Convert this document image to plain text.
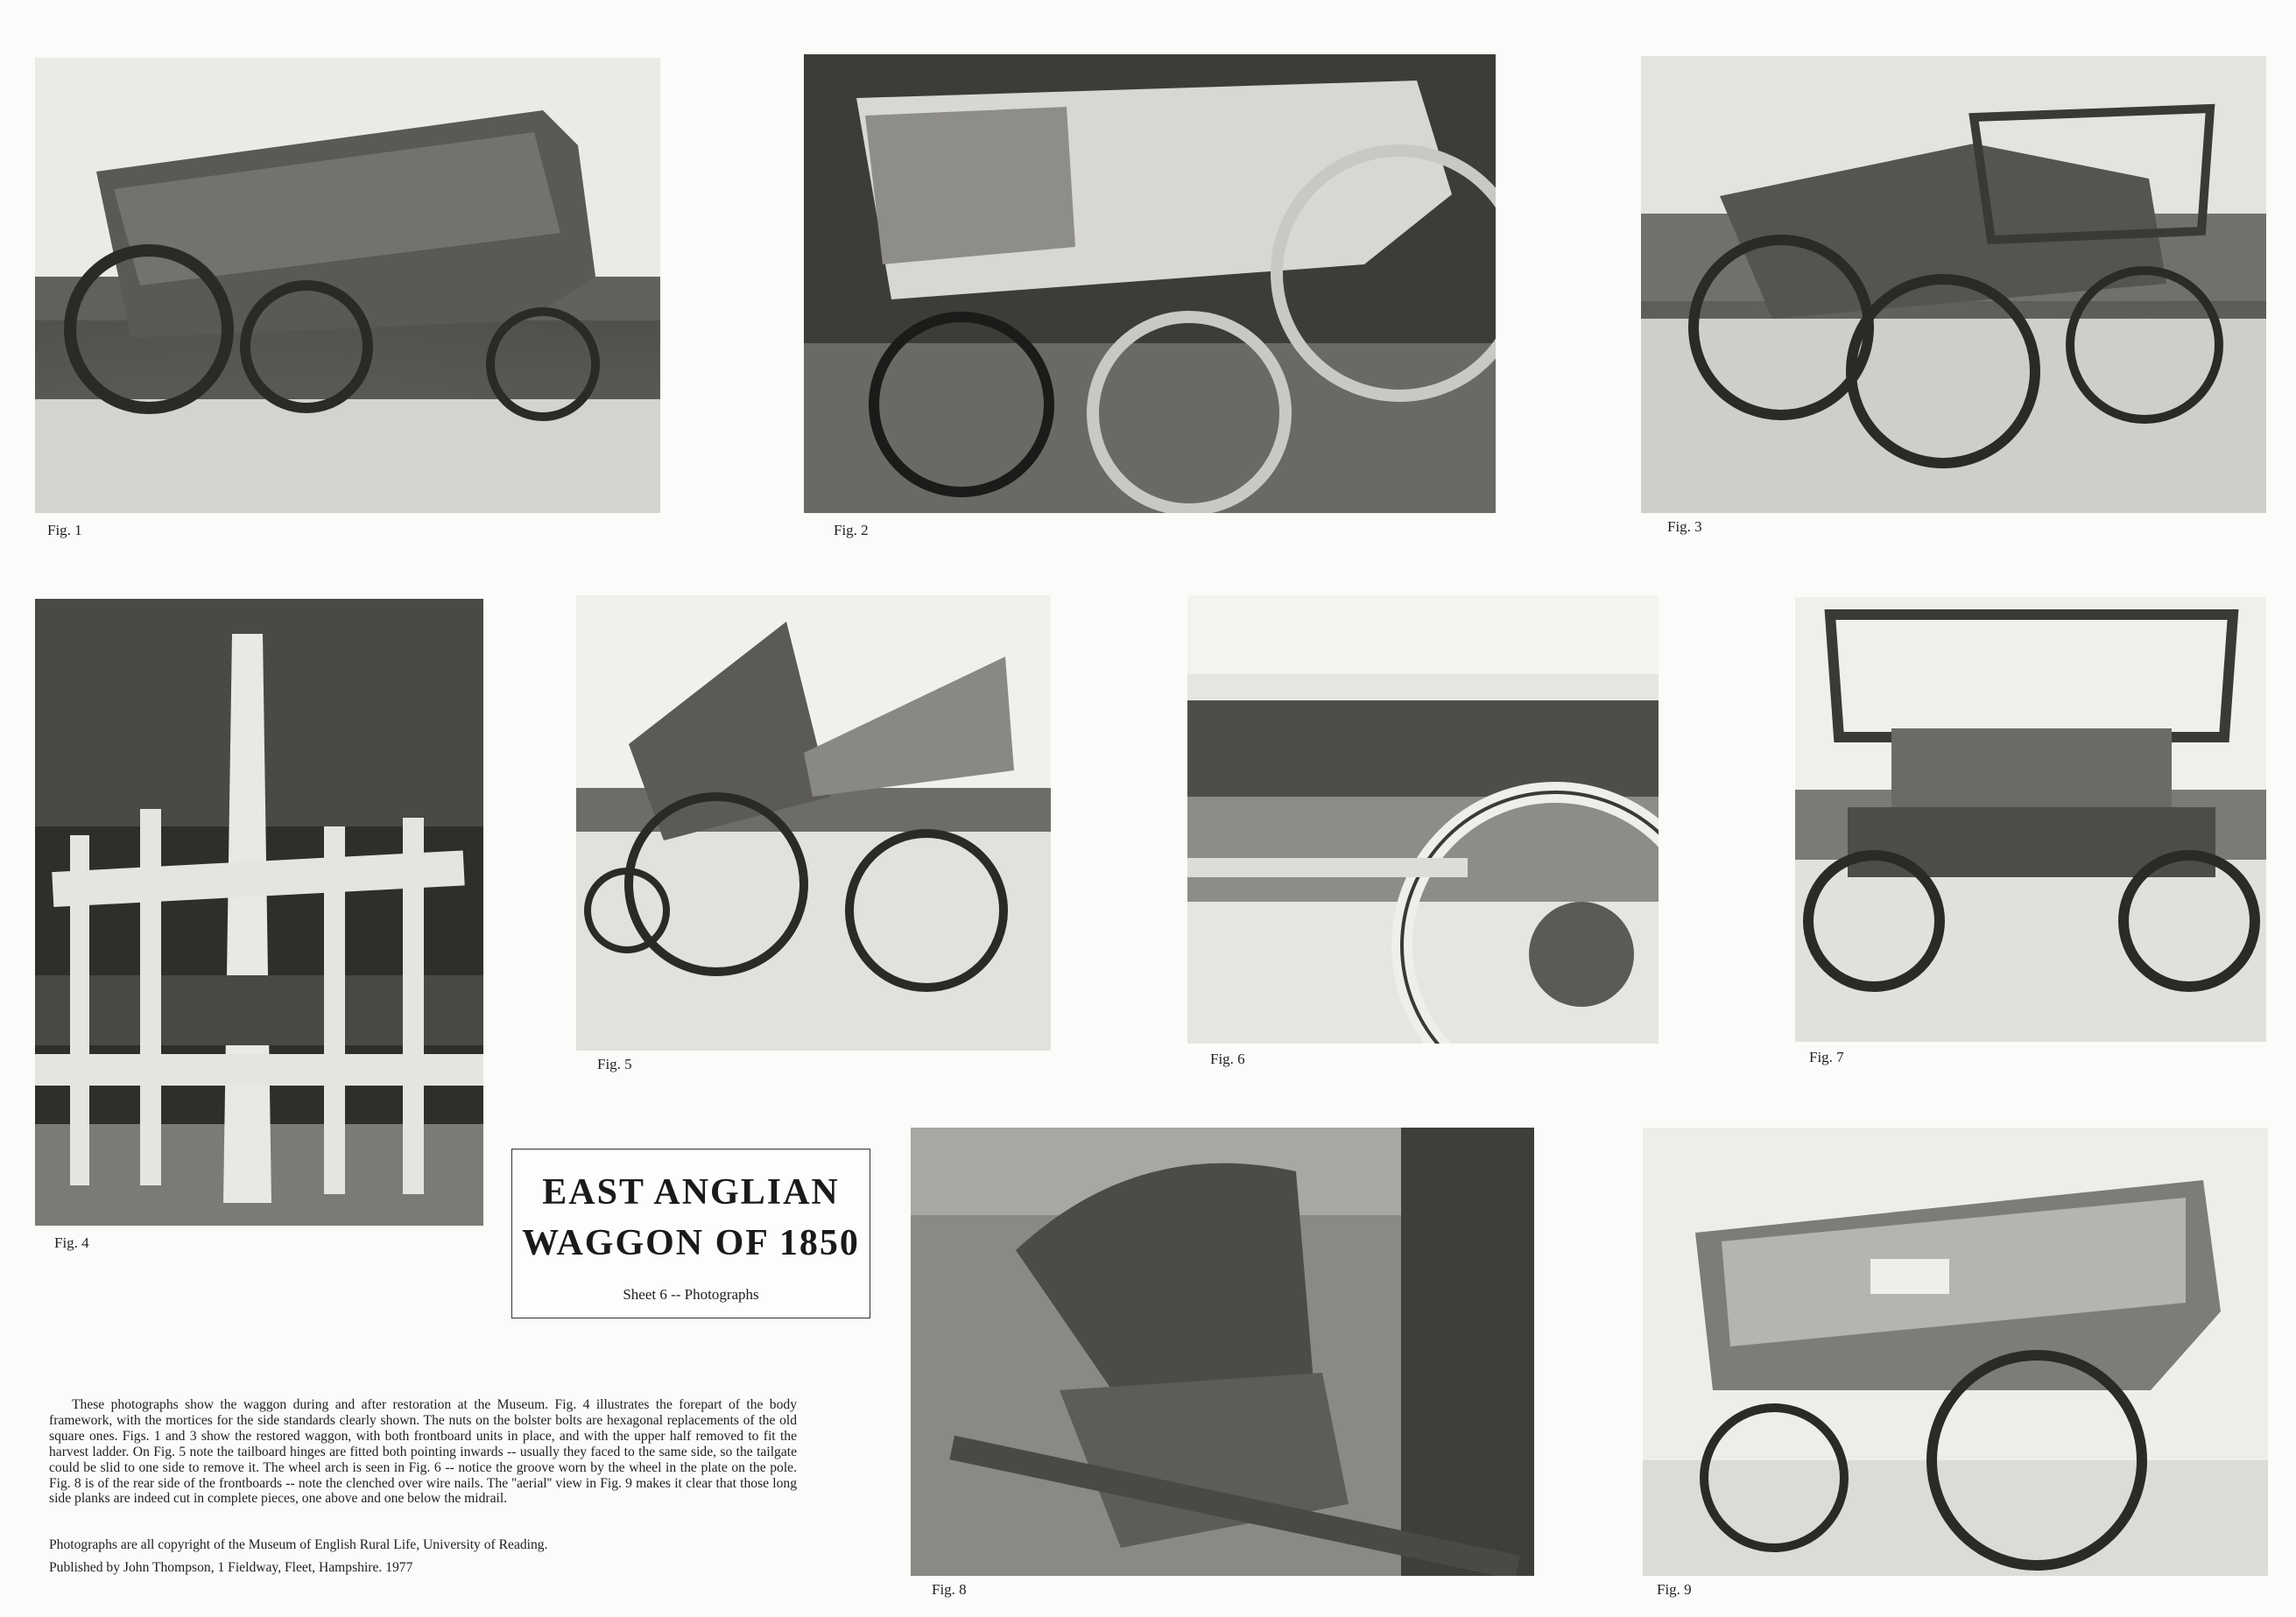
Fig. 1	Fig. 2	Fig. 3
Fig. 4
Fig. 5	Fig. 6	Fig. 7
EAST ANGLIAN
WAGGON OF 1850
Sheet 6 -- Photographs
Fig. 8	Fig. 9
These photographs show the waggon during and after restoration at the Museum. Fig. 4 illustrates the forepart of the body framework, with the mortices for the side standards clearly shown. The nuts on the bolster bolts are hexagonal replacements of the old square ones. Figs. 1 and 3 show the restored waggon, with both frontboard units in place, and with the upper half removed to fit the harvest ladder. On Fig. 5 note the tailboard hinges are fitted both pointing inwards -- usually they faced to the same side, so the tailgate could be slid to one side to remove it. The wheel arch is seen in Fig. 6 -- notice the groove worn by the wheel in the plate on the pole. Fig. 8 is of the rear side of the frontboards -- note the clenched over wire nails. The ''aerial'' view in Fig. 9 makes it clear that those long side planks are indeed cut in complete pieces, one above and one below the midrail.
Photographs are all copyright of the Museum of English Rural Life, University of Reading.
Published by John Thompson, 1 Fieldway, Fleet, Hampshire. 1977
